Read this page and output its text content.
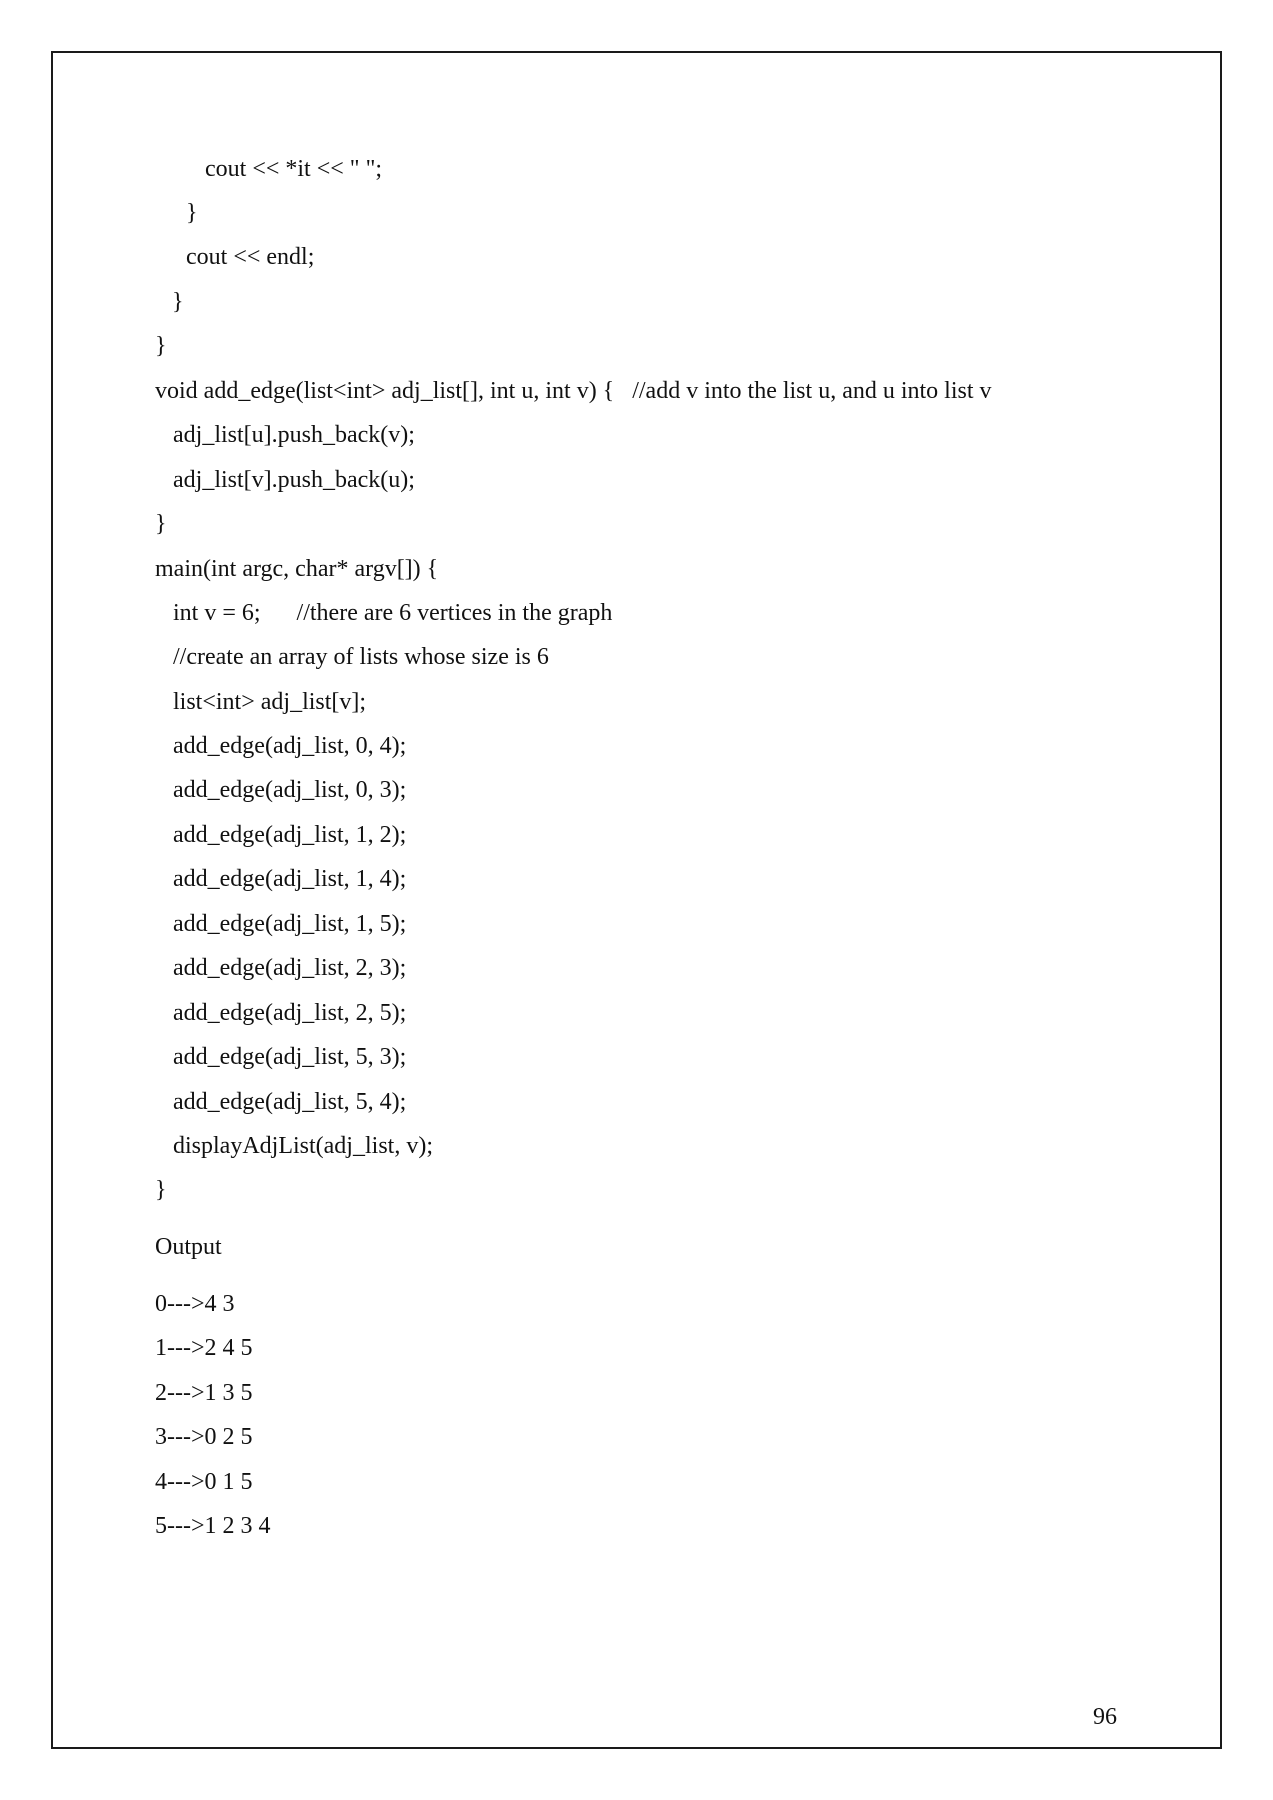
cout << *it << " ";
}
cout << endl;
}
}
void add_edge(list<int> adj_list[], int u, int v) {   //add v into the list u, and u into list v
adj_list[u].push_back(v);
adj_list[v].push_back(u);
}
main(int argc, char* argv[]) {
int v = 6;      //there are 6 vertices in the graph
//create an array of lists whose size is 6
list<int> adj_list[v];
add_edge(adj_list, 0, 4);
add_edge(adj_list, 0, 3);
add_edge(adj_list, 1, 2);
add_edge(adj_list, 1, 4);
add_edge(adj_list, 1, 5);
add_edge(adj_list, 2, 3);
add_edge(adj_list, 2, 5);
add_edge(adj_list, 5, 3);
add_edge(adj_list, 5, 4);
displayAdjList(adj_list, v);
}
Output
0--->4 3
1--->2 4 5
2--->1 3 5
3--->0 2 5
4--->0 1 5
5--->1 2 3 4
96
